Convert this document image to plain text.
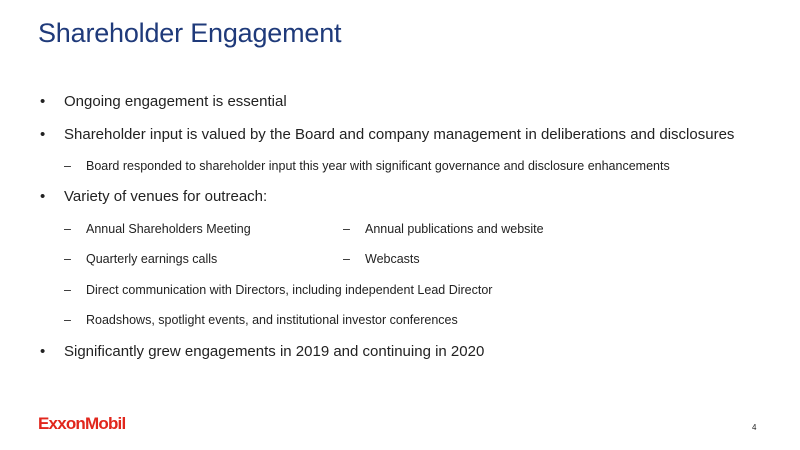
Shareholder Engagement
• Ongoing engagement is essential
• Shareholder input is valued by the Board and company management in deliberations and disclosures
– Board responded to shareholder input this year with significant governance and disclosure enhancements
• Variety of venues for outreach:
– Annual Shareholders Meeting	– Annual publications and website
– Quarterly earnings calls	– Webcasts
– Direct communication with Directors, including independent Lead Director
– Roadshows, spotlight events, and institutional investor conferences
• Significantly grew engagements in 2019 and continuing in 2020
ExxonMobil	4
